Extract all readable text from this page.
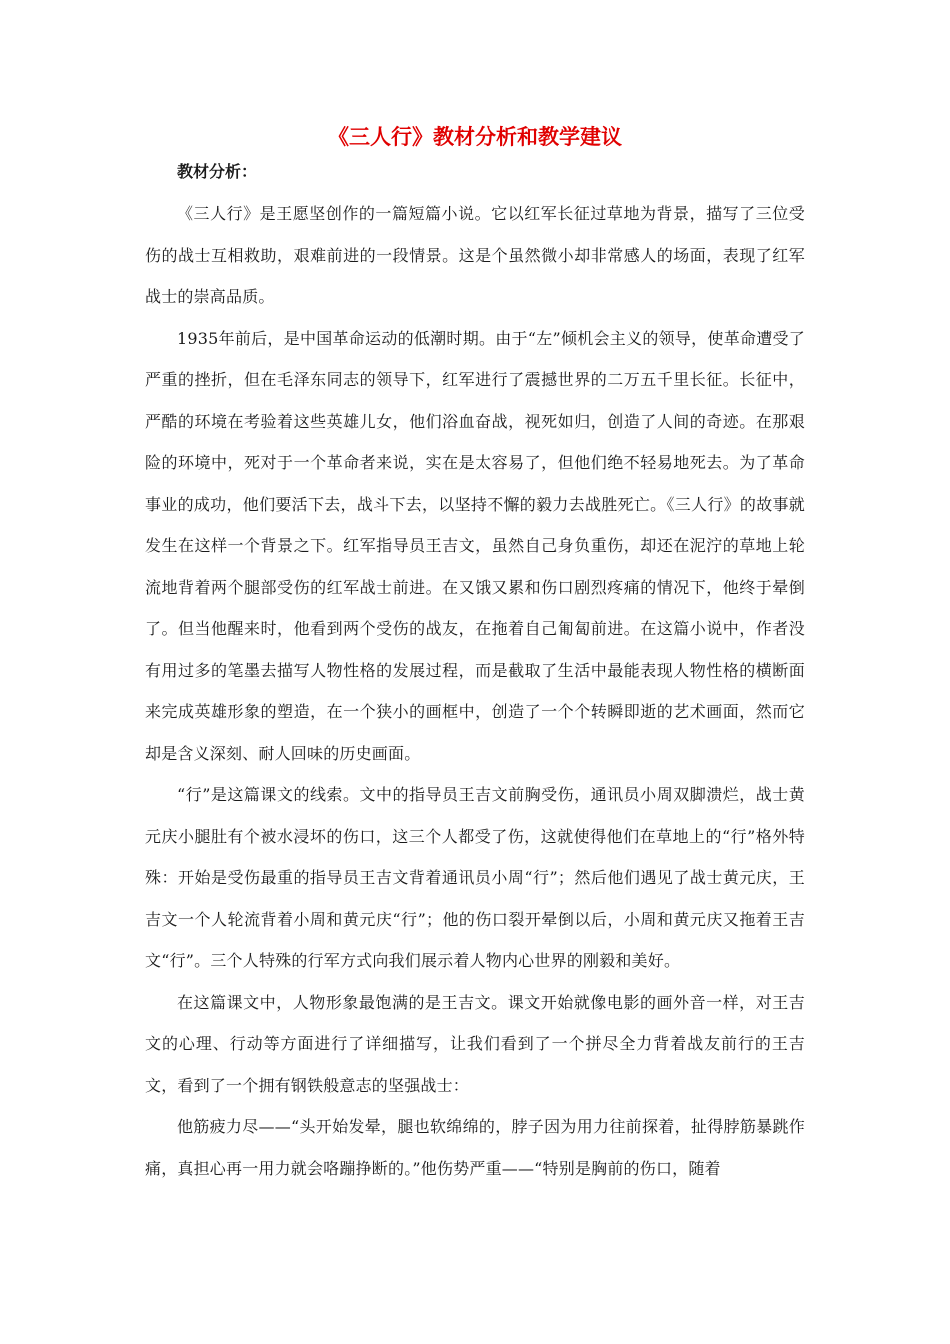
《三人行》教材分析和教学建议
教材分析：

《三人行》是王愿坚创作的一篇短篇小说。它以红军长征过草地为背景，描写了三位受伤的战士互相救助，艰难前进的一段情景。这是个虽然微小却非常感人的场面，表现了红军战士的崇高品质。

1935年前后，是中国革命运动的低潮时期。由于“左”倾机会主义的领导，使革命遭受了严重的挫折，但在毛泽东同志的领导下，红军进行了震撼世界的二万五千里长征。长征中，严酷的环境在考验着这些英雄儿女，他们浴血奋战，视死如归，创造了人间的奇迹。在那艰险的环境中，死对于一个革命者来说，实在是太容易了，但他们绝不轻易地死去。为了革命事业的成功，他们要活下去，战斗下去，以坚持不懈的毅力去战胜死亡。《三人行》的故事就发生在这样一个背景之下。红军指导员王吉文，虽然自己身负重伤，却还在泥泞的草地上轮流地背着两个腿部受伤的红军战士前进。在又饿又累和伤口剧烈疼痛的情况下，他终于晕倒了。但当他醒来时，他看到两个受伤的战友，在拖着自己匍匐前进。在这篇小说中，作者没有用过多的笔墨去描写人物性格的发展过程，而是截取了生活中最能表现人物性格的横断面来完成英雄形象的塑造，在一个狭小的画框中，创造了一个个转瞬即逝的艺术画面，然而它却是含义深刻、耐人回味的历史画面。

“行”是这篇课文的线索。文中的指导员王吉文前胸受伤，通讯员小周双脚溃烂，战士黄元庆小腿肚有个被水浸坏的伤口，这三个人都受了伤，这就使得他们在草地上的“行”格外特殊：开始是受伤最重的指导员王吉文背着通讯员小周“行”；然后他们遇见了战士黄元庆，王吉文一个人轮流背着小周和黄元庆“行”；他的伤口裂开晕倒以后，小周和黄元庆又拖着王吉文“行”。三个人特殊的行军方式向我们展示着人物内心世界的刚毅和美好。

在这篇课文中，人物形象最饱满的是王吉文。课文开始就像电影的画外音一样，对王吉文的心理、行动等方面进行了详细描写，让我们看到了一个拼尽全力背着战友前行的王吉文，看到了一个拥有钢铁般意志的坚强战士：

他筋疲力尽——“头开始发晕，腿也软绵绵的，脖子因为用力往前探着，扯得脖筋暴跳作痛，真担心再一用力就会咯蹦挣断的。”他伤势严重——“特别是胸前的伤口，随着
